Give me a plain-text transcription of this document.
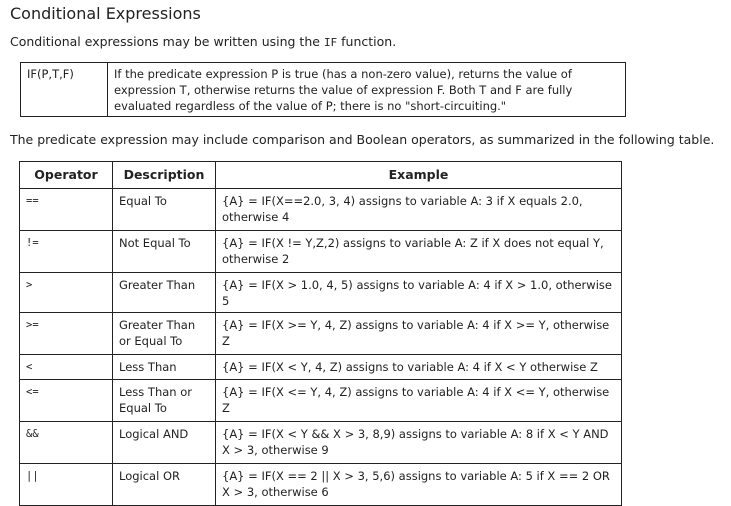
Conditional Expressions
Conditional expressions may be written using the IF function.
IF(P,T,F)	If the predicate expression P is true (has a non-zero value), returns the value of expression T, otherwise returns the value of expression F. Both T and F are fully evaluated regardless of the value of P; there is no "short-circuiting."
The predicate expression may include comparison and Boolean operators, as summarized in the following table.
Operator	Description	Example
==	Equal To	{A} = IF(X==2.0, 3, 4) assigns to variable A: 3 if X equals 2.0, otherwise 4
!=	Not Equal To	{A} = IF(X != Y,Z,2) assigns to variable A: Z if X does not equal Y, otherwise 2
>	Greater Than	{A} = IF(X > 1.0, 4, 5) assigns to variable A: 4 if X > 1.0, otherwise 5
>=	Greater Than or Equal To	{A} = IF(X >= Y, 4, Z) assigns to variable A: 4 if X >= Y, otherwise Z
<	Less Than	{A} = IF(X < Y, 4, Z) assigns to variable A: 4 if X < Y otherwise Z
<=	Less Than or Equal To	{A} = IF(X <= Y, 4, Z) assigns to variable A: 4 if X <= Y, otherwise Z
&&	Logical AND	{A} = IF(X < Y && X > 3, 8,9) assigns to variable A: 8 if X < Y AND X > 3, otherwise 9
||	Logical OR	{A} = IF(X == 2 || X > 3, 5,6) assigns to variable A: 5 if X == 2 OR X > 3, otherwise 6
